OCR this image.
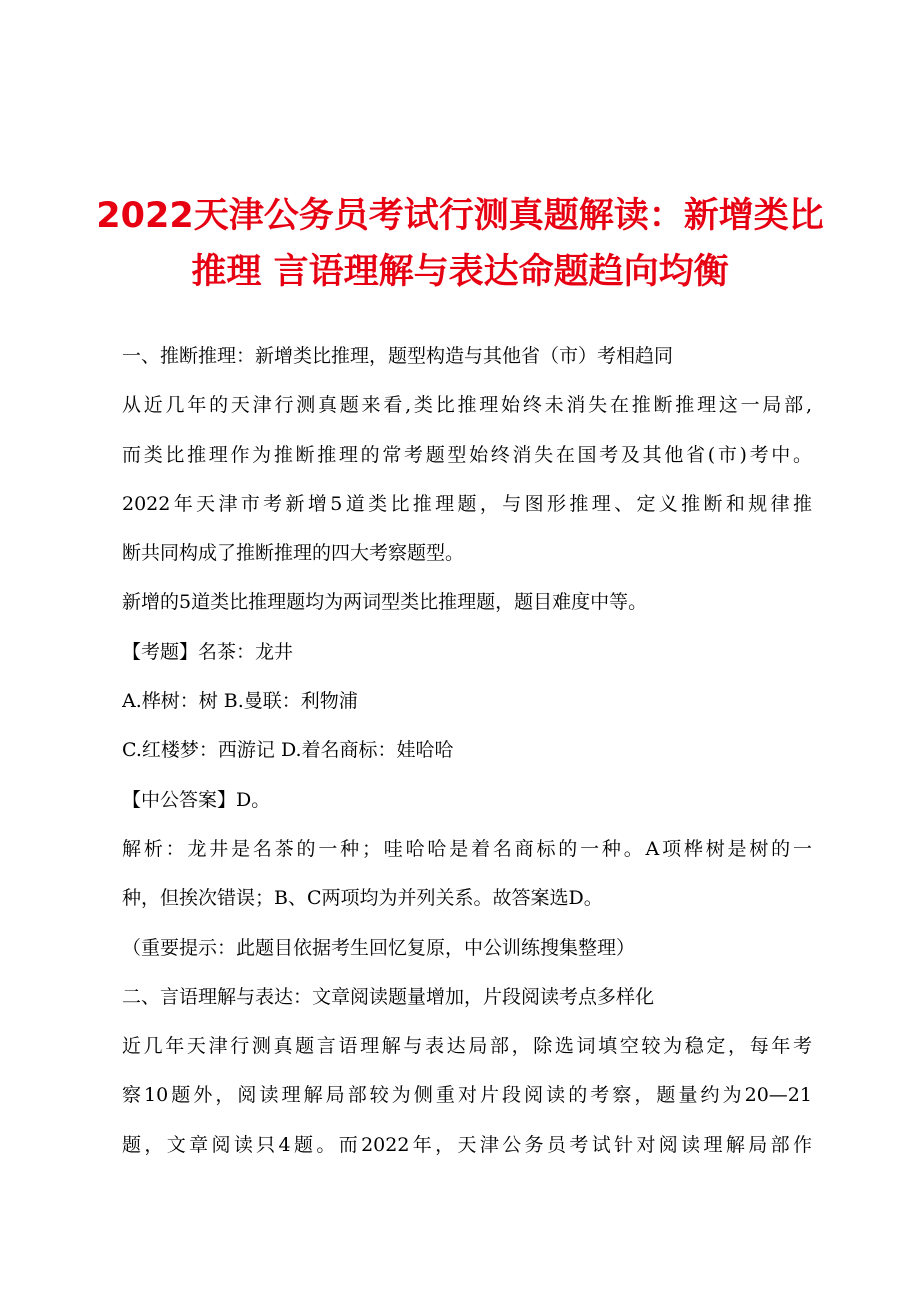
2022天津公务员考试行测真题解读：新增类比
推理 言语理解与表达命题趋向均衡
一、推断推理：新增类比推理，题型构造与其他省（市）考相趋同
从近几年的天津行测真题来看,类比推理始终未消失在推断推理这一局部,
而类比推理作为推断推理的常考题型始终消失在国考及其他省(市)考中。
2022年天津市考新增5道类比推理题，与图形推理、定义推断和规律推
断共同构成了推断推理的四大考察题型。
新增的5道类比推理题均为两词型类比推理题，题目难度中等。
【考题】名茶：龙井
A.桦树：树 B.曼联：利物浦
C.红楼梦：西游记 D.着名商标：娃哈哈
【中公答案】D。
解析：龙井是名茶的一种；哇哈哈是着名商标的一种。A项桦树是树的一
种，但挨次错误；B、C两项均为并列关系。故答案选D。
（重要提示：此题目依据考生回忆复原，中公训练搜集整理）
二、言语理解与表达：文章阅读题量增加，片段阅读考点多样化
近几年天津行测真题言语理解与表达局部，除选词填空较为稳定，每年考
察10题外，阅读理解局部较为侧重对片段阅读的考察，题量约为20—21
题，文章阅读只4题。而2022年，天津公务员考试针对阅读理解局部作
